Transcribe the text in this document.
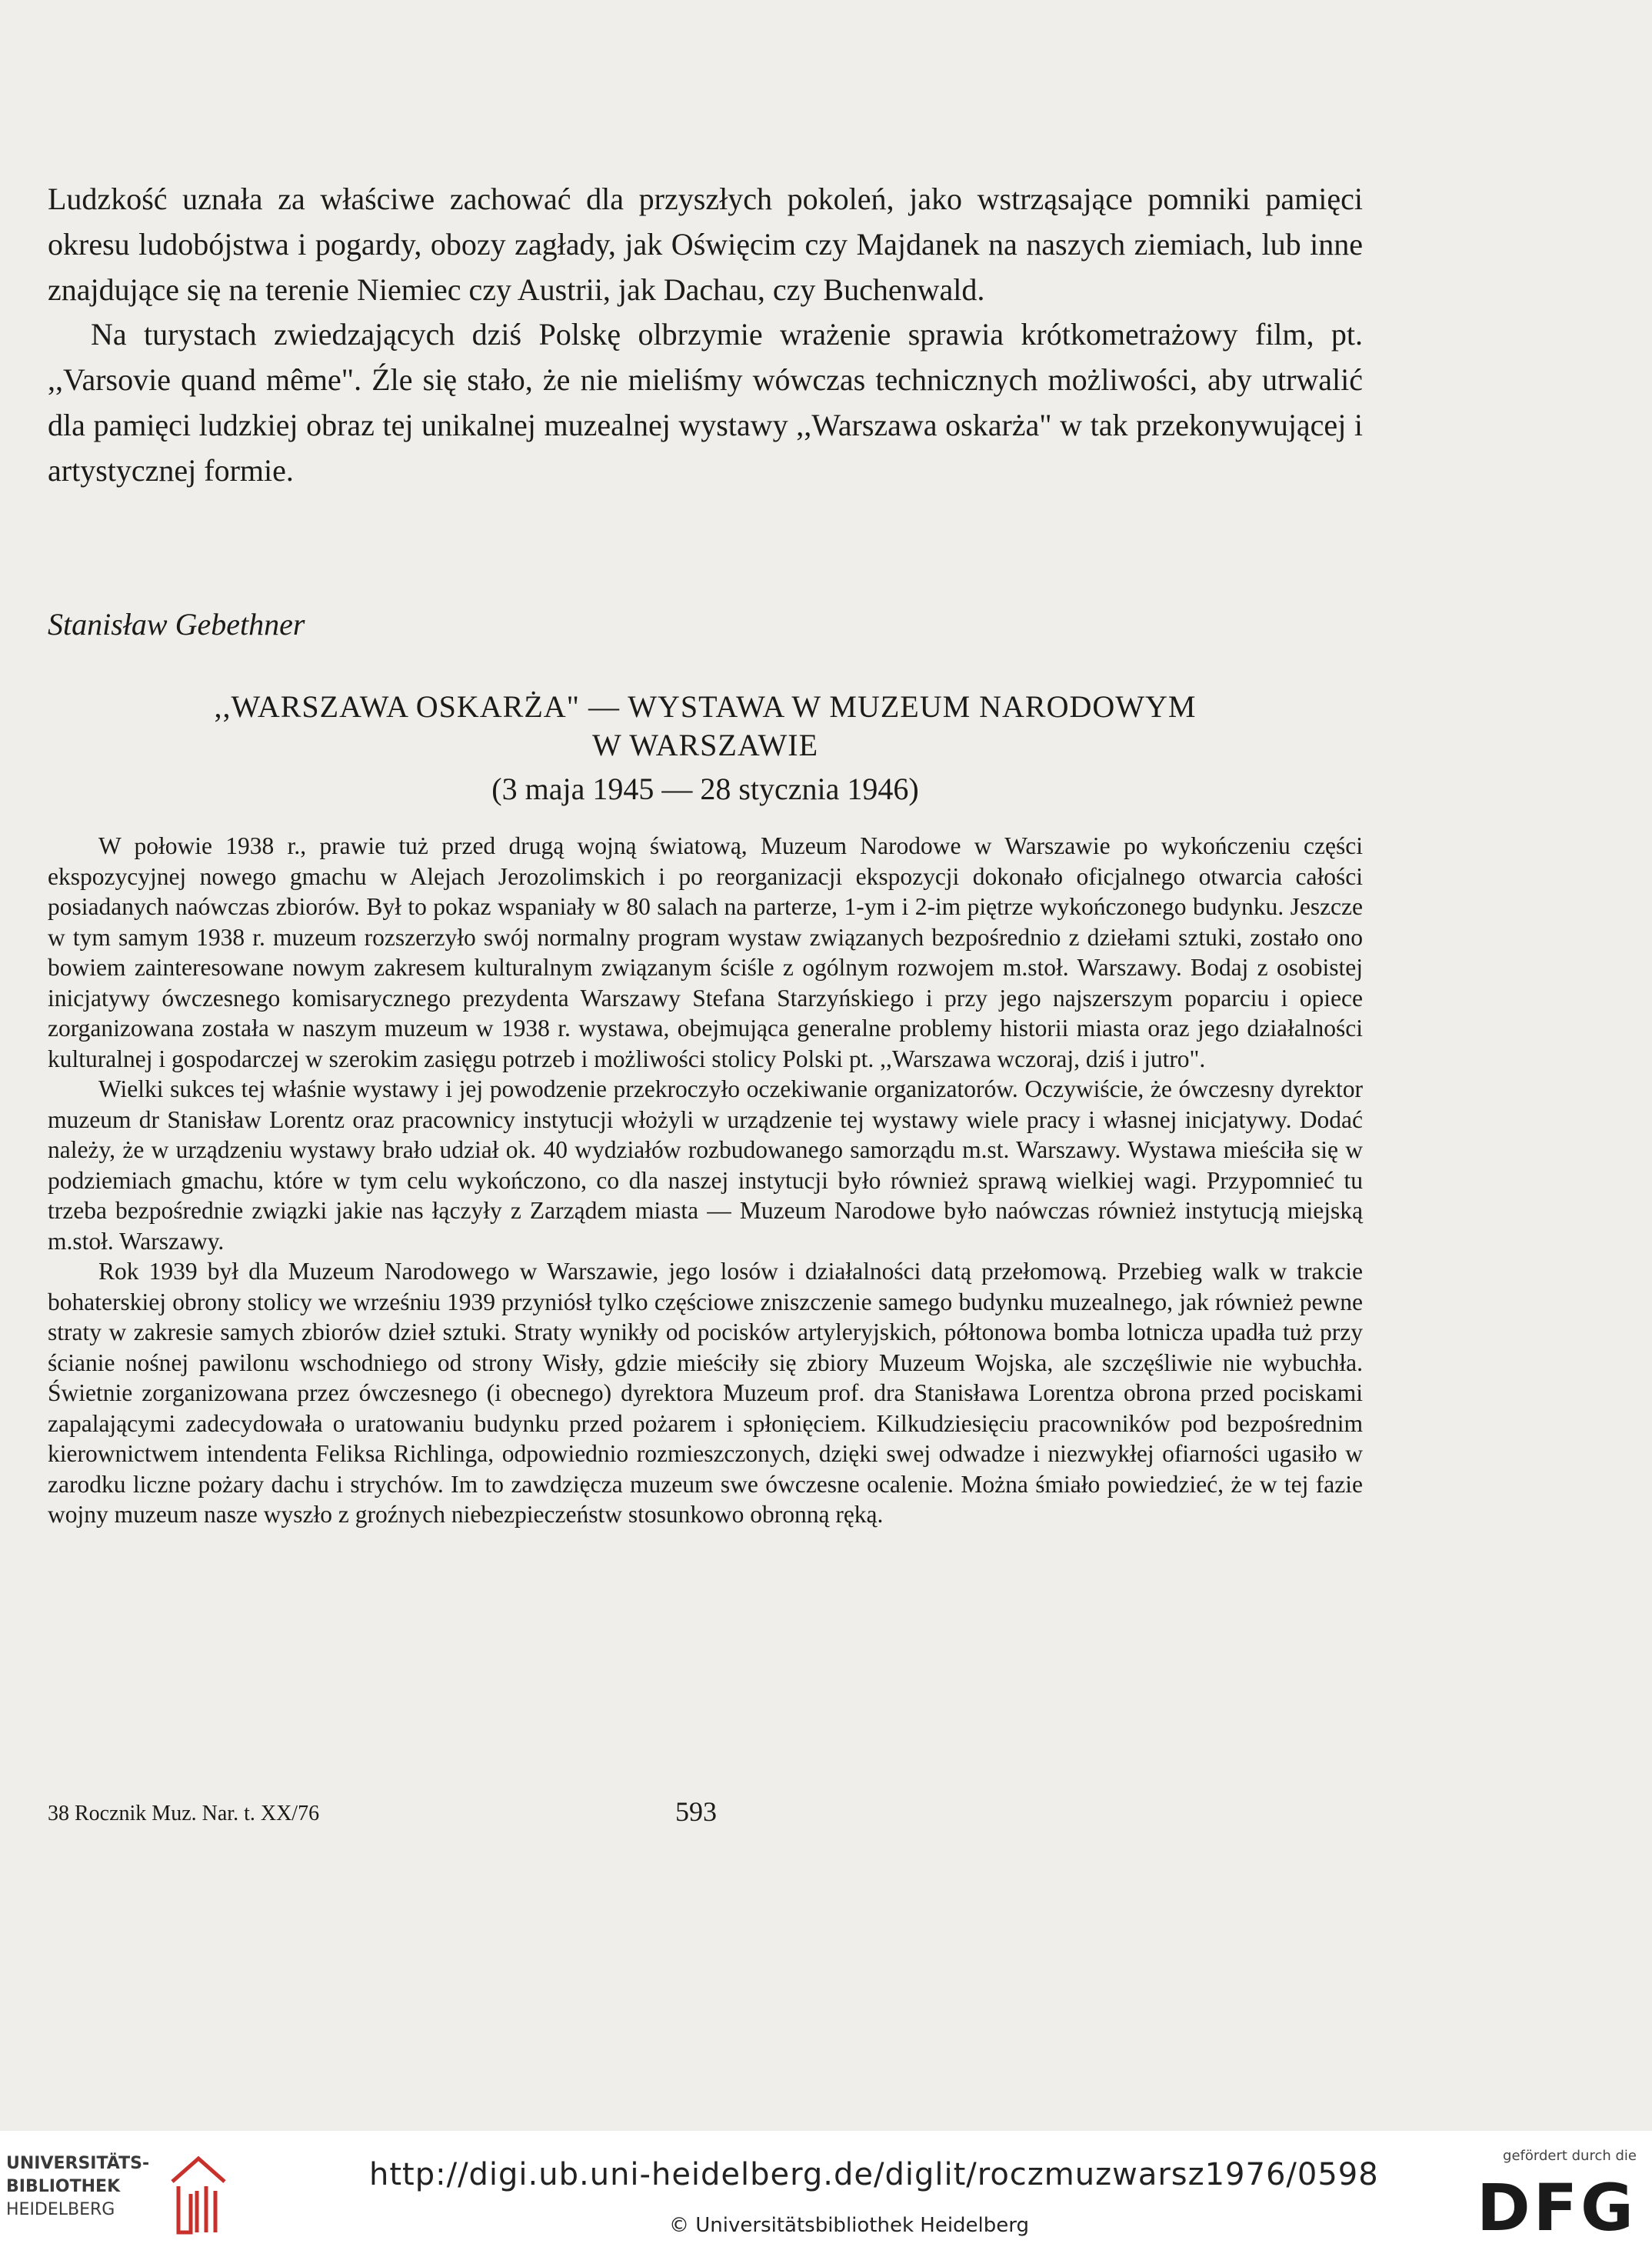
Ludzkość uznała za właściwe zachować dla przyszłych pokoleń, jako wstrząsające pomniki pamięci okresu ludobójstwa i pogardy, obozy zagłady, jak Oświęcim czy Majdanek na naszych ziemiach, lub inne znajdujące się na terenie Niemiec czy Austrii, jak Dachau, czy Buchenwald.

Na turystach zwiedzających dziś Polskę olbrzymie wrażenie sprawia krótkometrażowy film, pt. ,,Varsovie quand même". Źle się stało, że nie mieliśmy wówczas technicznych możliwości, aby utrwalić dla pamięci ludzkiej obraz tej unikalnej muzealnej wystawy ,,Warszawa oskarża" w tak przekonywującej i artystycznej formie.

Stanisław Gebethner

,,WARSZAWA OSKARŻA" — WYSTAWA W MUZEUM NARODOWYM
W WARSZAWIE
(3 maja 1945 — 28 stycznia 1946)

W połowie 1938 r., prawie tuż przed drugą wojną światową, Muzeum Narodowe w Warszawie po wykończeniu części ekspozycyjnej nowego gmachu w Alejach Jerozolimskich i po reorganizacji ekspozycji dokonało oficjalnego otwarcia całości posiadanych naówczas zbiorów. Był to pokaz wspaniały w 80 salach na parterze, 1-ym i 2-im piętrze wykończonego budynku. Jeszcze w tym samym 1938 r. muzeum rozszerzyło swój normalny program wystaw związanych bezpośrednio z dziełami sztuki, zostało ono bowiem zainteresowane nowym zakresem kulturalnym związanym ściśle z ogólnym rozwojem m.stoł. Warszawy. Bodaj z osobistej inicjatywy ówczesnego komisarycznego prezydenta Warszawy Stefana Starzyńskiego i przy jego najszerszym poparciu i opiece zorganizowana została w naszym muzeum w 1938 r. wystawa, obejmująca generalne problemy historii miasta oraz jego działalności kulturalnej i gospodarczej w szerokim zasięgu potrzeb i możliwości stolicy Polski pt. ,,Warszawa wczoraj, dziś i jutro".

Wielki sukces tej właśnie wystawy i jej powodzenie przekroczyło oczekiwanie organizatorów. Oczywiście, że ówczesny dyrektor muzeum dr Stanisław Lorentz oraz pracownicy instytucji włożyli w urządzenie tej wystawy wiele pracy i własnej inicjatywy. Dodać należy, że w urządzeniu wystawy brało udział ok. 40 wydziałów rozbudowanego samorządu m.st. Warszawy. Wystawa mieściła się w podziemiach gmachu, które w tym celu wykończono, co dla naszej instytucji było również sprawą wielkiej wagi. Przypomnieć tu trzeba bezpośrednie związki jakie nas łączyły z Zarządem miasta — Muzeum Narodowe było naówczas również instytucją miejską m.stoł. Warszawy.

Rok 1939 był dla Muzeum Narodowego w Warszawie, jego losów i działalności datą przełomową. Przebieg walk w trakcie bohaterskiej obrony stolicy we wrześniu 1939 przyniósł tylko częściowe zniszczenie samego budynku muzealnego, jak również pewne straty w zakresie samych zbiorów dzieł sztuki. Straty wynikły od pocisków artyleryjskich, półtonowa bomba lotnicza upadła tuż przy ścianie nośnej pawilonu wschodniego od strony Wisły, gdzie mieściły się zbiory Muzeum Wojska, ale szczęśliwie nie wybuchła. Świetnie zorganizowana przez ówczesnego (i obecnego) dyrektora Muzeum prof. dra Stanisława Lorentza obrona przed pociskami zapalającymi zadecydowała o uratowaniu budynku przed pożarem i spłonięciem. Kilkudziesięciu pracowników pod bezpośrednim kierownictwem intendenta Feliksa Richlinga, odpowiednio rozmieszczonych, dzięki swej odwadze i niezwykłej ofiarności ugasiło w zarodku liczne pożary dachu i strychów. Im to zawdzięcza muzeum swe ówczesne ocalenie. Można śmiało powiedzieć, że w tej fazie wojny muzeum nasze wyszło z groźnych niebezpieczeństw stosunkowo obronną ręką.

38 Rocznik Muz. Nar. t. XX/76	593

UNIVERSITÄTS-
BIBLIOTHEK
HEIDELBERG
http://digi.ub.uni-heidelberg.de/diglit/roczmuzwarsz1976/0598
© Universitätsbibliothek Heidelberg
gefördert durch die
DFG
